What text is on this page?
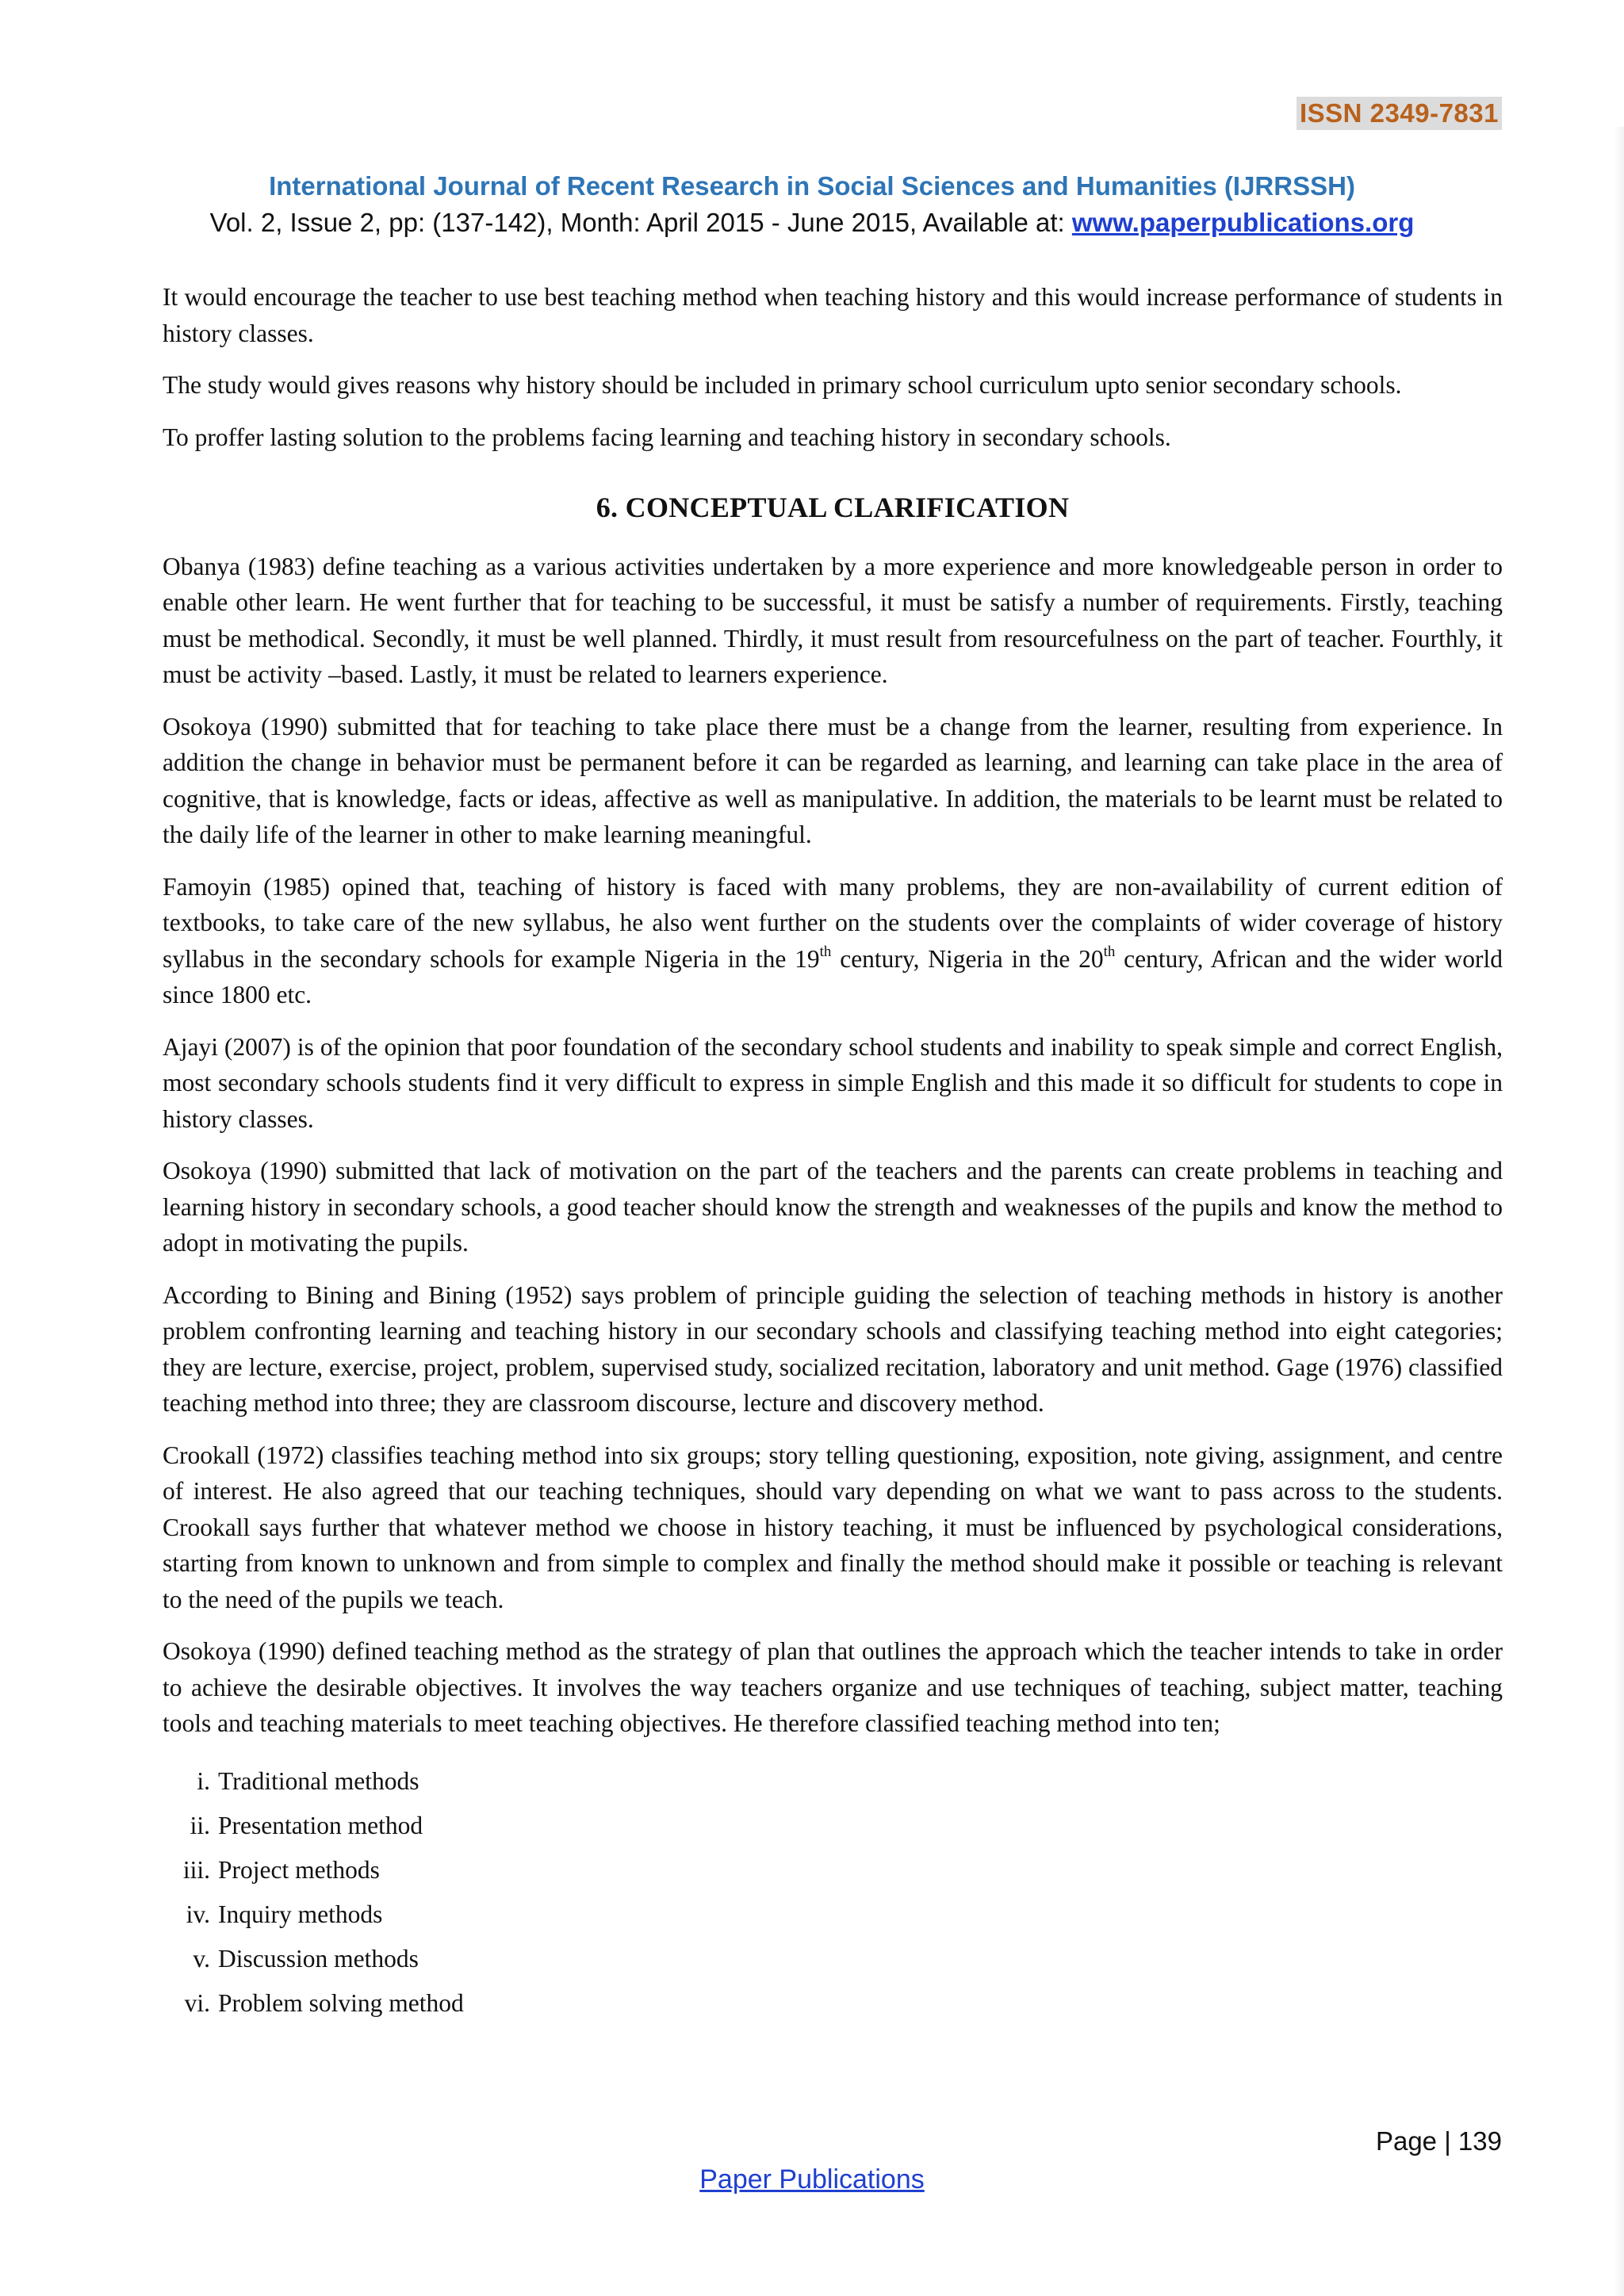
ISSN 2349-7831
International Journal of Recent Research in Social Sciences and Humanities (IJRRSSH)
Vol. 2, Issue 2, pp: (137-142), Month: April 2015 - June 2015, Available at: www.paperpublications.org

It would encourage the teacher to use best teaching method when teaching history and this would increase performance of students in history classes.

The study would gives reasons why history should be included in primary school curriculum upto senior secondary schools.

To proffer lasting solution to the problems facing learning and teaching history in secondary schools.

6. CONCEPTUAL CLARIFICATION

Obanya (1983) define teaching as a various activities undertaken by a more experience and more knowledgeable person in order to enable other learn. He went further that for teaching to be successful, it must be satisfy a number of requirements. Firstly, teaching must be methodical. Secondly, it must be well planned. Thirdly, it must result from resourcefulness on the part of teacher. Fourthly, it must be activity –based. Lastly, it must be related to learners experience.

Osokoya (1990) submitted that for teaching to take place there must be a change from the learner, resulting from experience. In addition the change in behavior must be permanent before it can be regarded as learning, and learning can take place in the area of cognitive, that is knowledge, facts or ideas, affective as well as manipulative. In addition, the materials to be learnt must be related to the daily life of the learner in other to make learning meaningful.

Famoyin (1985) opined that, teaching of history is faced with many problems, they are non-availability of current edition of textbooks, to take care of the new syllabus, he also went further on the students over the complaints of wider coverage of history syllabus in the secondary schools for example Nigeria in the 19th century, Nigeria in the 20th century, African and the wider world since 1800 etc.

Ajayi (2007) is of the opinion that poor foundation of the secondary school students and inability to speak simple and correct English, most secondary schools students find it very difficult to express in simple English and this made it so difficult for students to cope in history classes.

Osokoya (1990) submitted that lack of motivation on the part of the teachers and the parents can create problems in teaching and learning history in secondary schools, a good teacher should know the strength and weaknesses of the pupils and know the method to adopt in motivating the pupils.

According to Bining and Bining (1952) says problem of principle guiding the selection of teaching methods in history is another problem confronting learning and teaching history in our secondary schools and classifying teaching method into eight categories; they are lecture, exercise, project, problem, supervised study, socialized recitation, laboratory and unit method. Gage (1976) classified teaching method into three; they are classroom discourse, lecture and discovery method.

Crookall (1972) classifies teaching method into six groups; story telling questioning, exposition, note giving, assignment, and centre of interest. He also agreed that our teaching techniques, should vary depending on what we want to pass across to the students. Crookall says further that whatever method we choose in history teaching, it must be influenced by psychological considerations, starting from known to unknown and from simple to complex and finally the method should make it possible or teaching is relevant to the need of the pupils we teach.

Osokoya (1990) defined teaching method as the strategy of plan that outlines the approach which the teacher intends to take in order to achieve the desirable objectives. It involves the way teachers organize and use techniques of teaching, subject matter, teaching tools and teaching materials to meet teaching objectives. He therefore classified teaching method into ten;

i. Traditional methods
ii. Presentation method
iii. Project methods
iv. Inquiry methods
v. Discussion methods
vi. Problem solving method
Page | 139
Paper Publications
